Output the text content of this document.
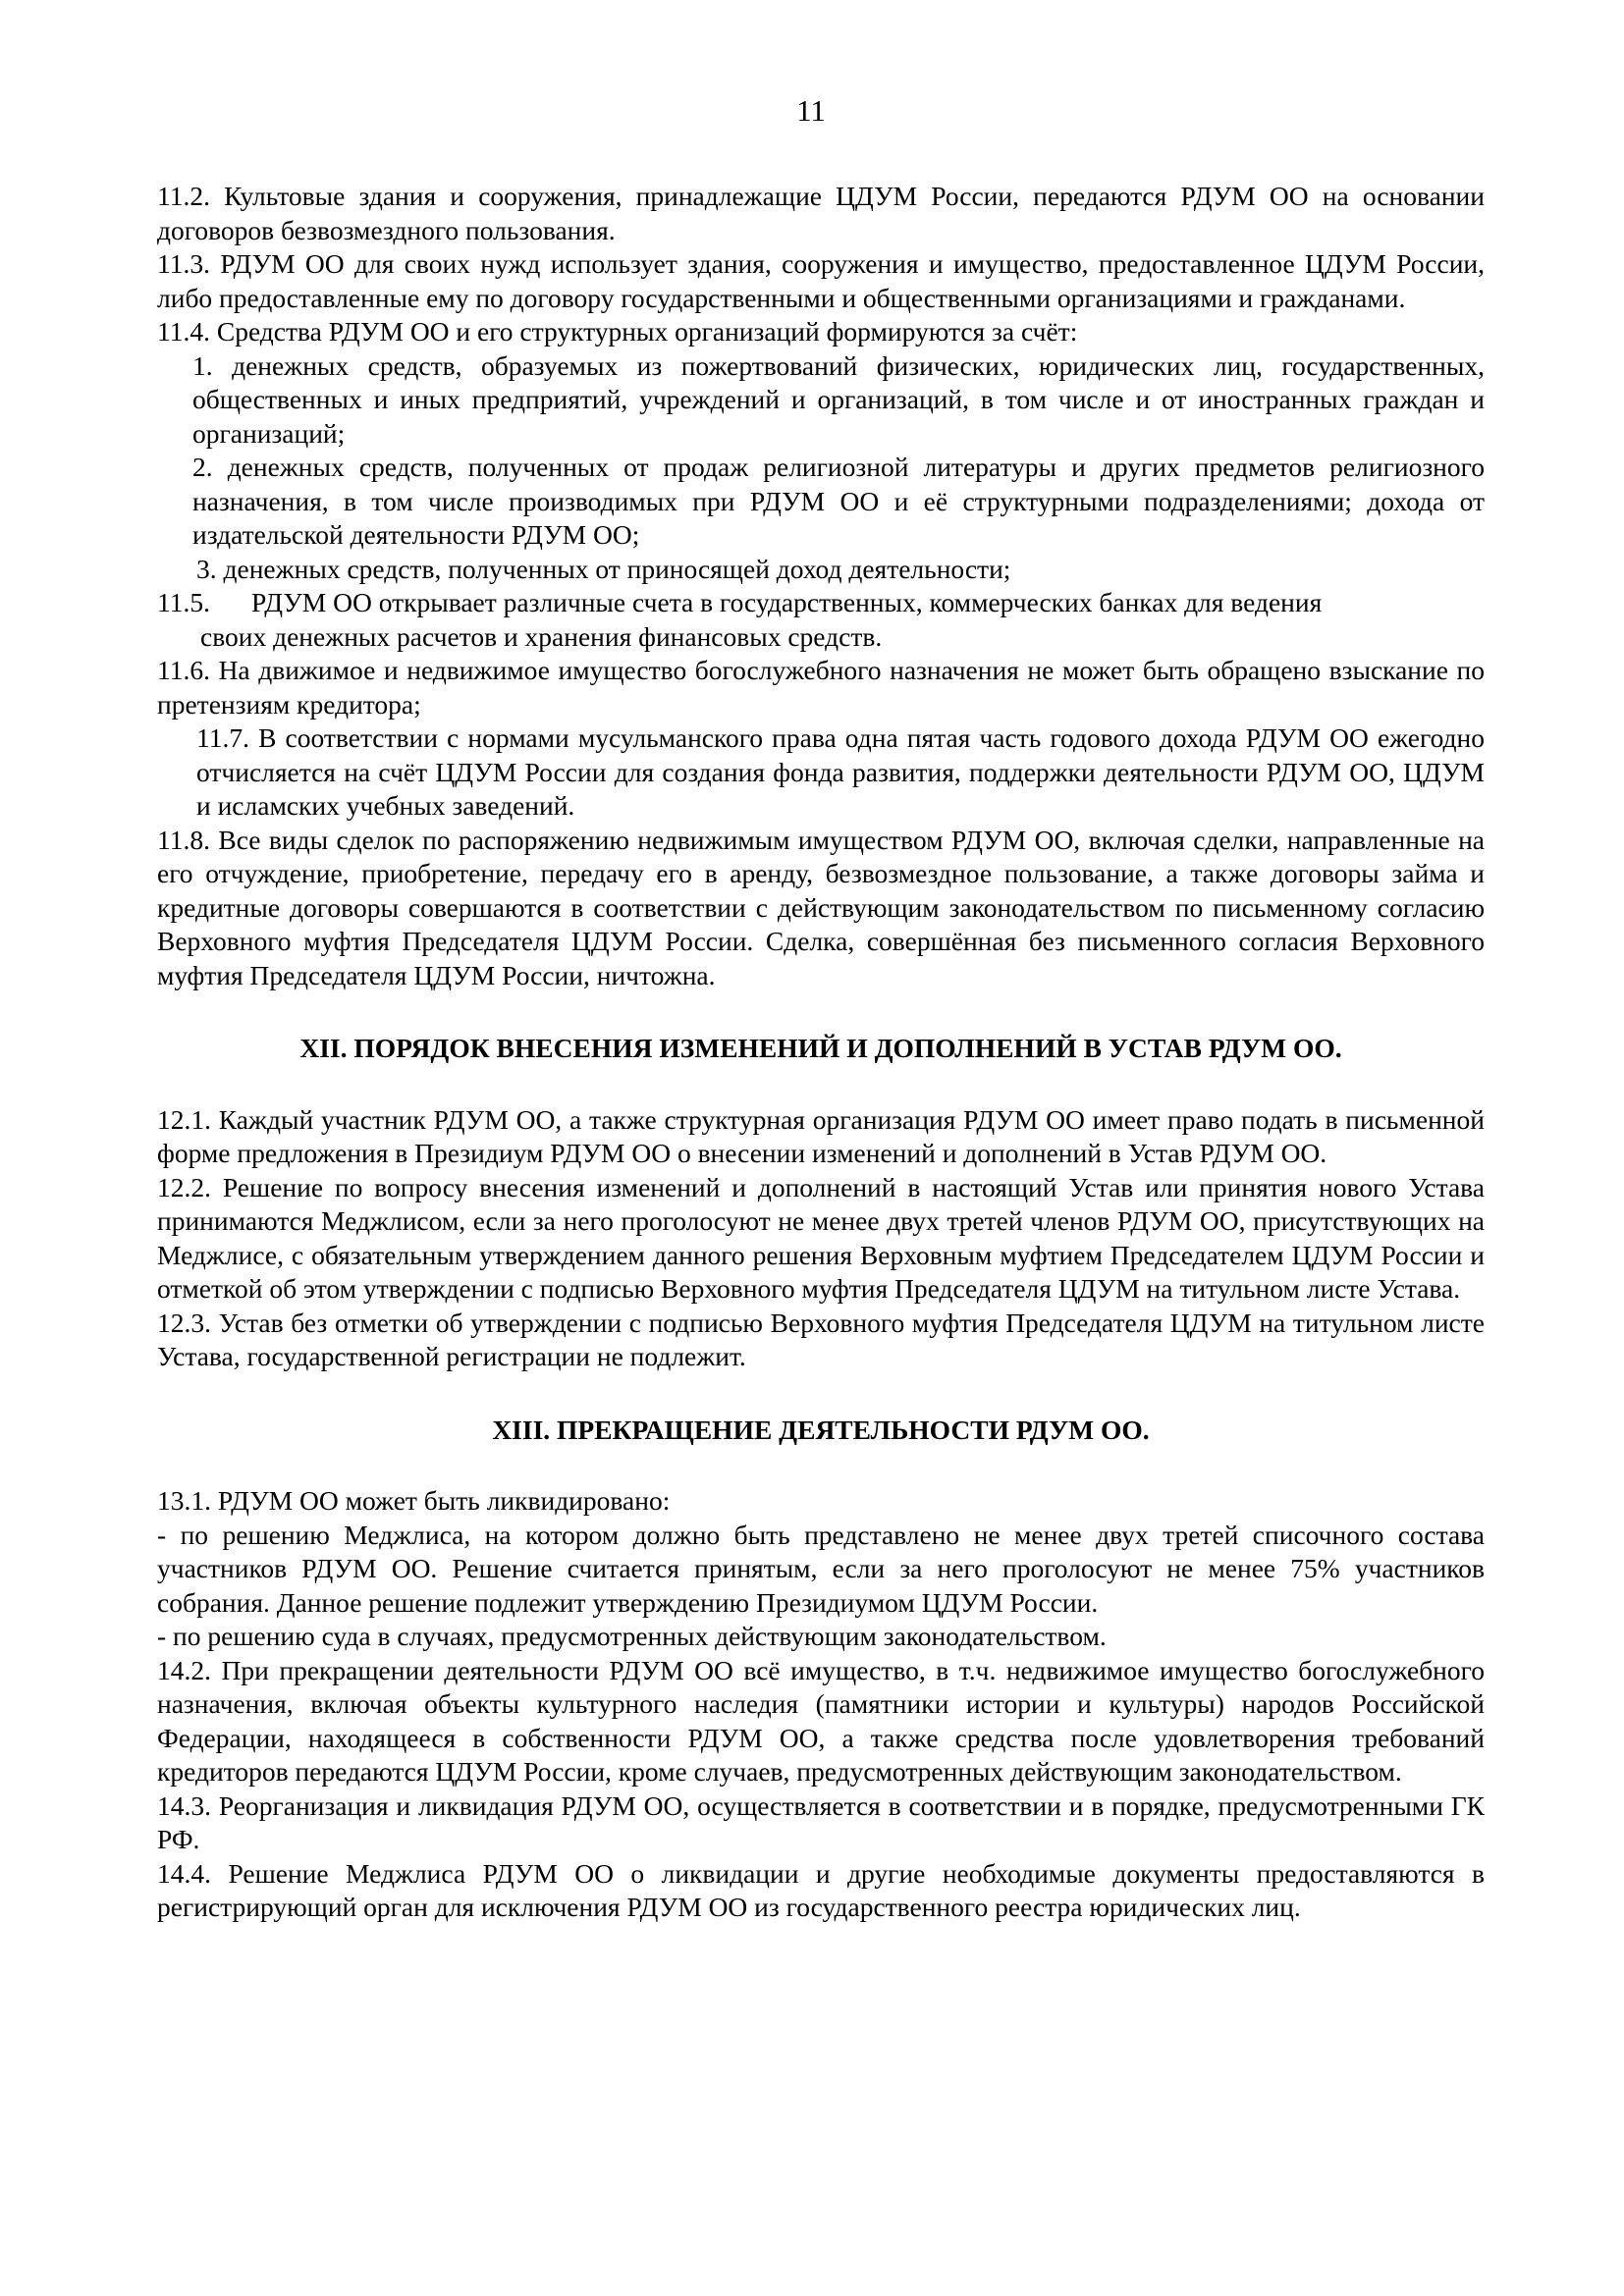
11

11.2. Культовые здания и сооружения, принадлежащие ЦДУМ России, передаются РДУМ ОО на основании договоров безвозмездного пользования.

11.3. РДУМ ОО для своих нужд использует здания, сооружения и имущество, предоставленное ЦДУМ России, либо предоставленные ему по договору государственными и общественными организациями и гражданами.

11.4. Средства РДУМ ОО и его структурных организаций формируются за счёт:

1. денежных средств, образуемых из пожертвований физических, юридических лиц, государственных, общественных и иных предприятий, учреждений и организаций, в том числе и от иностранных граждан и организаций;

2. денежных средств, полученных от продаж религиозной литературы и других предметов религиозного назначения, в том числе производимых при РДУМ ОО и её структурными подразделениями; дохода от издательской деятельности РДУМ ОО;

3. денежных средств, полученных от приносящей доход деятельности;

11.5.	РДУМ ОО открывает различные счета в государственных, коммерческих банках для ведения
своих денежных расчетов и хранения финансовых средств.

11.6. На движимое и недвижимое имущество богослужебного назначения не может быть обращено взыскание по претензиям кредитора;

11.7. В соответствии с нормами мусульманского права одна пятая часть годового дохода РДУМ ОО ежегодно отчисляется на счёт ЦДУМ России для создания фонда развития, поддержки деятельности РДУМ ОО, ЦДУМ и исламских учебных заведений.

11.8. Все виды сделок по распоряжению недвижимым имуществом РДУМ ОО, включая сделки, направленные на его отчуждение, приобретение, передачу его в аренду, безвозмездное пользование, а также договоры займа и кредитные договоры совершаются в соответствии с действующим законодательством по письменному согласию Верховного муфтия Председателя ЦДУМ России. Сделка, совершённая без письменного согласия Верховного муфтия Председателя ЦДУМ России, ничтожна.

XII. ПОРЯДОК ВНЕСЕНИЯ ИЗМЕНЕНИЙ И ДОПОЛНЕНИЙ В УСТАВ РДУМ ОО.

12.1. Каждый участник РДУМ ОО, а также структурная организация РДУМ ОО имеет право подать в письменной форме предложения в Президиум РДУМ ОО о внесении изменений и дополнений в Устав РДУМ ОО.

12.2. Решение по вопросу внесения изменений и дополнений в настоящий Устав или принятия нового Устава принимаются Меджлисом, если за него проголосуют не менее двух третей членов РДУМ ОО, присутствующих на Меджлисе, с обязательным утверждением данного решения Верховным муфтием Председателем ЦДУМ России и отметкой об этом утверждении с подписью Верховного муфтия Председателя ЦДУМ на титульном листе Устава.

12.3. Устав без отметки об утверждении с подписью Верховного муфтия Председателя ЦДУМ на титульном листе Устава, государственной регистрации не подлежит.

XIII. ПРЕКРАЩЕНИЕ ДЕЯТЕЛЬНОСТИ РДУМ ОО.

13.1. РДУМ ОО может быть ликвидировано:

- по решению Меджлиса, на котором должно быть представлено не менее двух третей списочного состава участников РДУМ ОО. Решение считается принятым, если за него проголосуют не менее 75% участников собрания. Данное решение подлежит утверждению Президиумом ЦДУМ России.

- по решению суда в случаях, предусмотренных действующим законодательством.

14.2. При прекращении деятельности РДУМ ОО всё имущество, в т.ч. недвижимое имущество богослужебного назначения, включая объекты культурного наследия (памятники истории и культуры) народов Российской Федерации, находящееся в собственности РДУМ ОО, а также средства после удовлетворения требований кредиторов передаются ЦДУМ России, кроме случаев, предусмотренных действующим законодательством.

14.3. Реорганизация и ликвидация РДУМ ОО, осуществляется в соответствии и в порядке, предусмотренными ГК РФ.

14.4. Решение Меджлиса РДУМ ОО о ликвидации и другие необходимые документы предоставляются в регистрирующий орган для исключения РДУМ ОО из государственного реестра юридических лиц.
